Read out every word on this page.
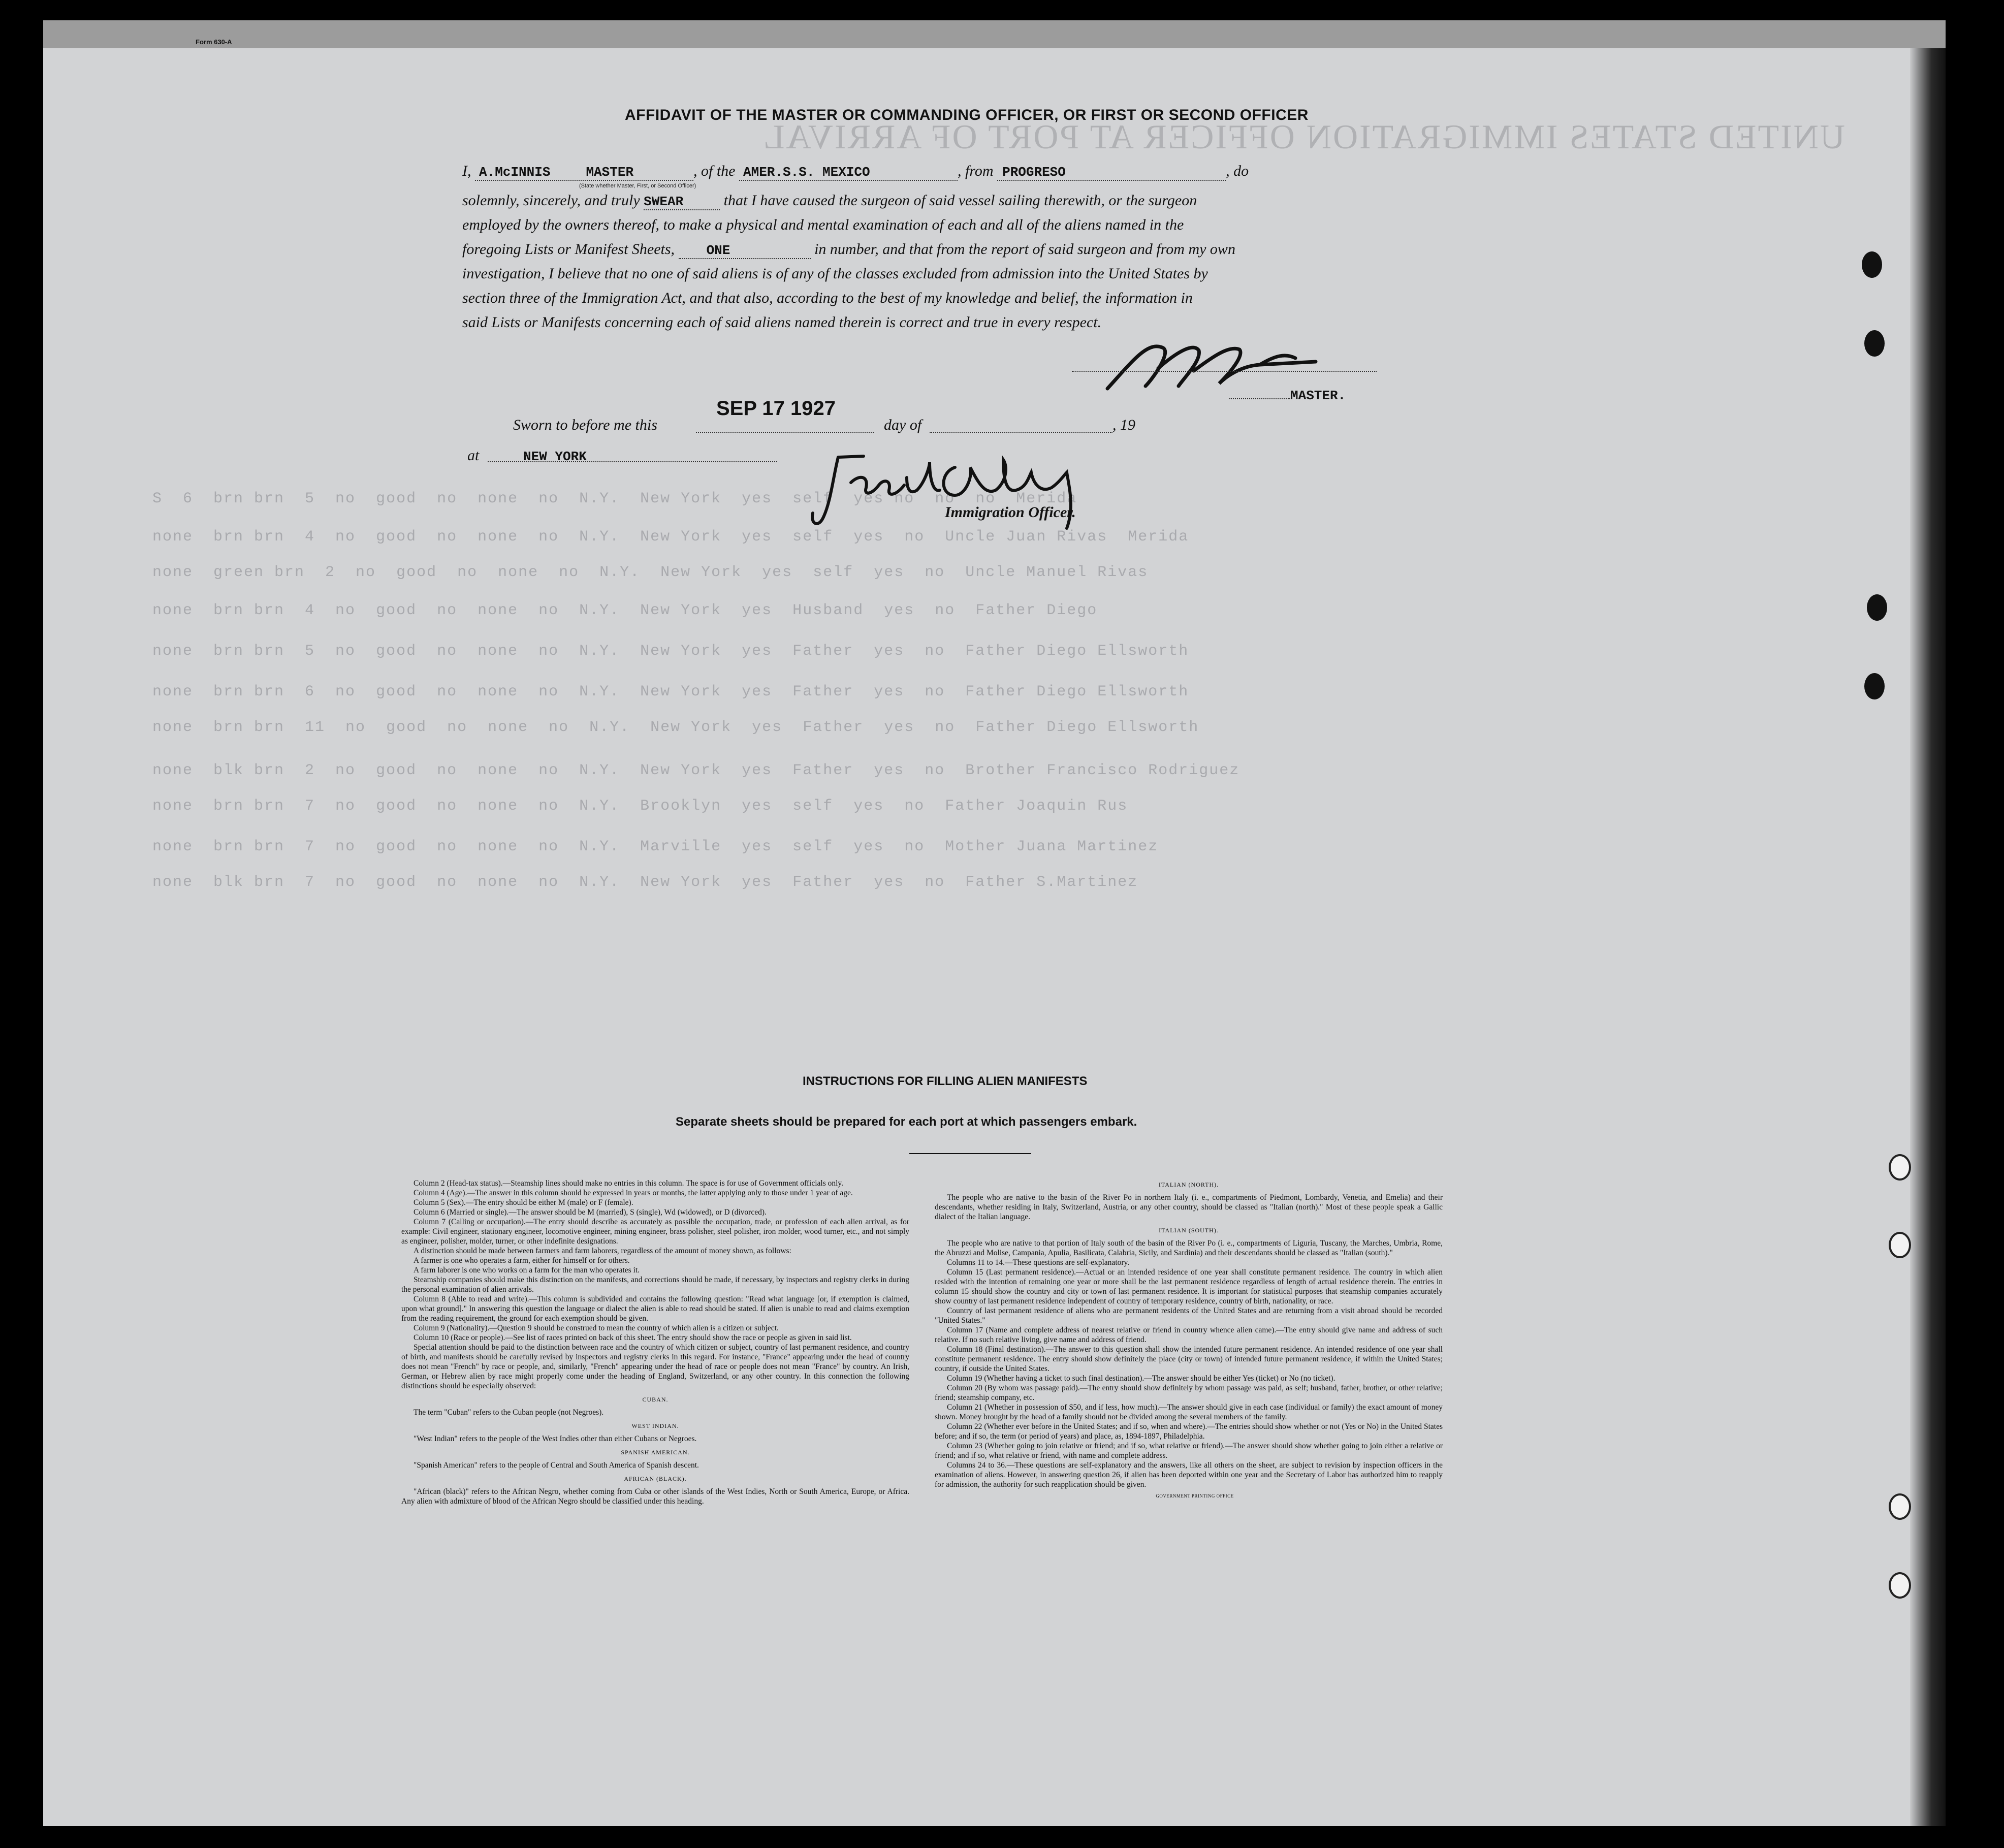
UNITED STATES IMMIGRATION OFFICER AT PORT OF ARRIVAL
S  6  brn brn  5  no  good  no  none  no  N.Y.  New York  yes  self  yes no  no  no  Merida
none  brn brn  4  no  good  no  none  no  N.Y.  New York  yes  self  yes  no  Uncle Juan Rivas  Merida
none  green brn  2  no  good  no  none  no  N.Y.  New York  yes  self  yes  no  Uncle Manuel Rivas
none  brn brn  4  no  good  no  none  no  N.Y.  New York  yes  Husband  yes  no  Father Diego
none  brn brn  5  no  good  no  none  no  N.Y.  New York  yes  Father  yes  no  Father Diego Ellsworth
none  brn brn  6  no  good  no  none  no  N.Y.  New York  yes  Father  yes  no  Father Diego Ellsworth
none  brn brn  11  no  good  no  none  no  N.Y.  New York  yes  Father  yes  no  Father Diego Ellsworth
none  blk brn  2  no  good  no  none  no  N.Y.  New York  yes  Father  yes  no  Brother Francisco Rodriguez
none  brn brn  7  no  good  no  none  no  N.Y.  Brooklyn  yes  self  yes  no  Father Joaquin Rus
none  brn brn  7  no  good  no  none  no  N.Y.  Marville  yes  self  yes  no  Mother Juana Martinez
none  blk brn  7  no  good  no  none  no  N.Y.  New York  yes  Father  yes  no  Father S.Martinez
Form 630-A
AFFIDAVIT OF THE MASTER OR COMMANDING OFFICER, OR FIRST OR SECOND OFFICER
I, A.McINNIS	MASTER	, of the AMER.S.S. MEXICO	, from PROGRESO	, do
(State whether Master, First, or Second Officer)
solemnly, sincerely, and truly SWEAR	that I have caused the surgeon of said vessel sailing therewith, or the surgeon
employed by the owners thereof, to make a physical and mental examination of each and all of the aliens named in the
foregoing Lists or Manifest Sheets, ONE	in number, and that from the report of said surgeon and from my own
investigation, I believe that no one of said aliens is of any of the classes excluded from admission into the United States by
section three of the Immigration Act, and that also, according to the best of my knowledge and belief, the information in
said Lists or Manifests concerning each of said aliens named therein is correct and true in every respect.
MASTER.
Sworn to before me this
SEP 17 1927
day of	, 19
at	NEW YORK
Immigration Officer.
INSTRUCTIONS FOR FILLING ALIEN MANIFESTS
Separate sheets should be prepared for each port at which passengers embark.

Column 2 (Head-tax status).—Steamship lines should make no entries in this column. The space is for use of Government officials only.

Column 4 (Age).—The answer in this column should be expressed in years or months, the latter applying only to those under 1 year of age.

Column 5 (Sex).—The entry should be either M (male) or F (female).

Column 6 (Married or single).—The answer should be M (married), S (single), Wd (widowed), or D (divorced).

Column 7 (Calling or occupation).—The entry should describe as accurately as possible the occupation, trade, or profession of each alien arrival, as for example: Civil engineer, stationary engineer, locomotive engineer, mining engineer, brass polisher, steel polisher, iron molder, wood turner, etc., and not simply as engineer, polisher, molder, turner, or other indefinite designations.

A distinction should be made between farmers and farm laborers, regardless of the amount of money shown, as follows:

A farmer is one who operates a farm, either for himself or for others.

A farm laborer is one who works on a farm for the man who operates it.

Steamship companies should make this distinction on the manifests, and corrections should be made, if necessary, by inspectors and registry clerks in during the personal examination of alien arrivals.

Column 8 (Able to read and write).—This column is subdivided and contains the following question: "Read what language [or, if exemption is claimed, upon what ground]." In answering this question the language or dialect the alien is able to read should be stated. If alien is unable to read and claims exemption from the reading requirement, the ground for each exemption should be given.

Column 9 (Nationality).—Question 9 should be construed to mean the country of which alien is a citizen or subject.

Column 10 (Race or people).—See list of races printed on back of this sheet. The entry should show the race or people as given in said list.

Special attention should be paid to the distinction between race and the country of which citizen or subject, country of last permanent residence, and country of birth, and manifests should be carefully revised by inspectors and registry clerks in this regard. For instance, "France" appearing under the head of country does not mean "French" by race or people, and, similarly, "French" appearing under the head of race or people does not mean "France" by country. An Irish, German, or Hebrew alien by race might properly come under the heading of England, Switzerland, or any other country. In this connection the following distinctions should be especially observed:

CUBAN.

The term "Cuban" refers to the Cuban people (not Negroes).

WEST INDIAN.

"West Indian" refers to the people of the West Indies other than either Cubans or Negroes.

SPANISH AMERICAN.

"Spanish American" refers to the people of Central and South America of Spanish descent.

AFRICAN (BLACK).

"African (black)" refers to the African Negro, whether coming from Cuba or other islands of the West Indies, North or South America, Europe, or Africa. Any alien with admixture of blood of the African Negro should be classified under this heading.

ITALIAN (NORTH).

The people who are native to the basin of the River Po in northern Italy (i. e., compartments of Piedmont, Lombardy, Venetia, and Emelia) and their descendants, whether residing in Italy, Switzerland, Austria, or any other country, should be classed as "Italian (north)." Most of these people speak a Gallic dialect of the Italian language.

ITALIAN (SOUTH).

The people who are native to that portion of Italy south of the basin of the River Po (i. e., compartments of Liguria, Tuscany, the Marches, Umbria, Rome, the Abruzzi and Molise, Campania, Apulia, Basilicata, Calabria, Sicily, and Sardinia) and their descendants should be classed as "Italian (south)."

Columns 11 to 14.—These questions are self-explanatory.

Column 15 (Last permanent residence).—Actual or an intended residence of one year shall constitute permanent residence. The country in which alien resided with the intention of remaining one year or more shall be the last permanent residence regardless of length of actual residence therein. The entries in column 15 should show the country and city or town of last permanent residence. It is important for statistical purposes that steamship companies accurately show country of last permanent residence independent of country of temporary residence, country of birth, nationality, or race.

Country of last permanent residence of aliens who are permanent residents of the United States and are returning from a visit abroad should be recorded "United States."

Column 17 (Name and complete address of nearest relative or friend in country whence alien came).—The entry should give name and address of such relative. If no such relative living, give name and address of friend.

Column 18 (Final destination).—The answer to this question shall show the intended future permanent residence. An intended residence of one year shall constitute permanent residence. The entry should show definitely the place (city or town) of intended future permanent residence, if within the United States; country, if outside the United States.

Column 19 (Whether having a ticket to such final destination).—The answer should be either Yes (ticket) or No (no ticket).

Column 20 (By whom was passage paid).—The entry should show definitely by whom passage was paid, as self; husband, father, brother, or other relative; friend; steamship company, etc.

Column 21 (Whether in possession of $50, and if less, how much).—The answer should give in each case (individual or family) the exact amount of money shown. Money brought by the head of a family should not be divided among the several members of the family.

Column 22 (Whether ever before in the United States; and if so, when and where).—The entries should show whether or not (Yes or No) in the United States before; and if so, the term (or period of years) and place, as, 1894-1897, Philadelphia.

Column 23 (Whether going to join relative or friend; and if so, what relative or friend).—The answer should show whether going to join either a relative or friend; and if so, what relative or friend, with name and complete address.

Columns 24 to 36.—These questions are self-explanatory and the answers, like all others on the sheet, are subject to revision by inspection officers in the examination of aliens. However, in answering question 26, if alien has been deported within one year and the Secretary of Labor has authorized him to reapply for admission, the authority for such reapplication should be given.

GOVERNMENT PRINTING OFFICE
